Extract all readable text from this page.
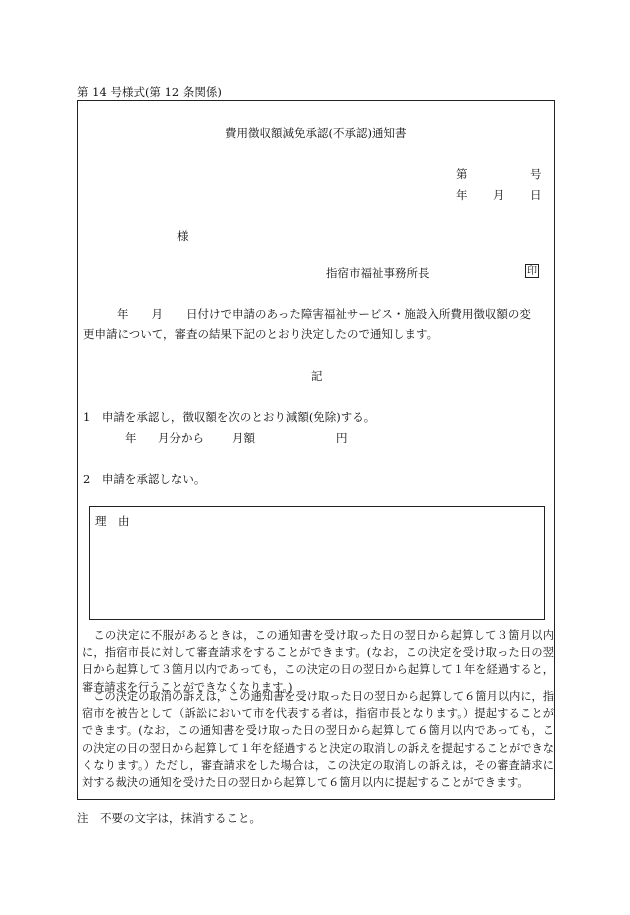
第 14 号様式(第 12 条関係)
費用徴収額減免承認(不承認)通知書
第	号
年 月 日
様
指宿市福祉事務所長	印
年　　月　　日付けで申請のあった障害福祉サービス・施設入所費用徴収額の変
更申請について，審査の結果下記のとおり決定したので通知します。
記
1　申請を承認し，徴収額を次のとおり減額(免除)する。
年 月分から 月額	円
2　申請を承認しない。
理　由
　この決定に不服があるときは，この通知書を受け取った日の翌日から起算して３箇月以内に，指宿市長に対して審査請求をすることができます。(なお，この決定を受け取った日の翌日から起算して３箇月以内であっても，この決定の日の翌日から起算して１年を経過すると，審査請求を行うことができなくなります。)
　この決定の取消の訴えは，この通知書を受け取った日の翌日から起算して６箇月以内に，指宿市を被告として（訴訟において市を代表する者は，指宿市長となります。）提起することができます。(なお，この通知書を受け取った日の翌日から起算して６箇月以内であっても，この決定の日の翌日から起算して１年を経過すると決定の取消しの訴えを提起することができなくなります。）ただし，審査請求をした場合は，この決定の取消しの訴えは，その審査請求に対する裁決の通知を受けた日の翌日から起算して６箇月以内に提起することができます。
注　不要の文字は，抹消すること。
